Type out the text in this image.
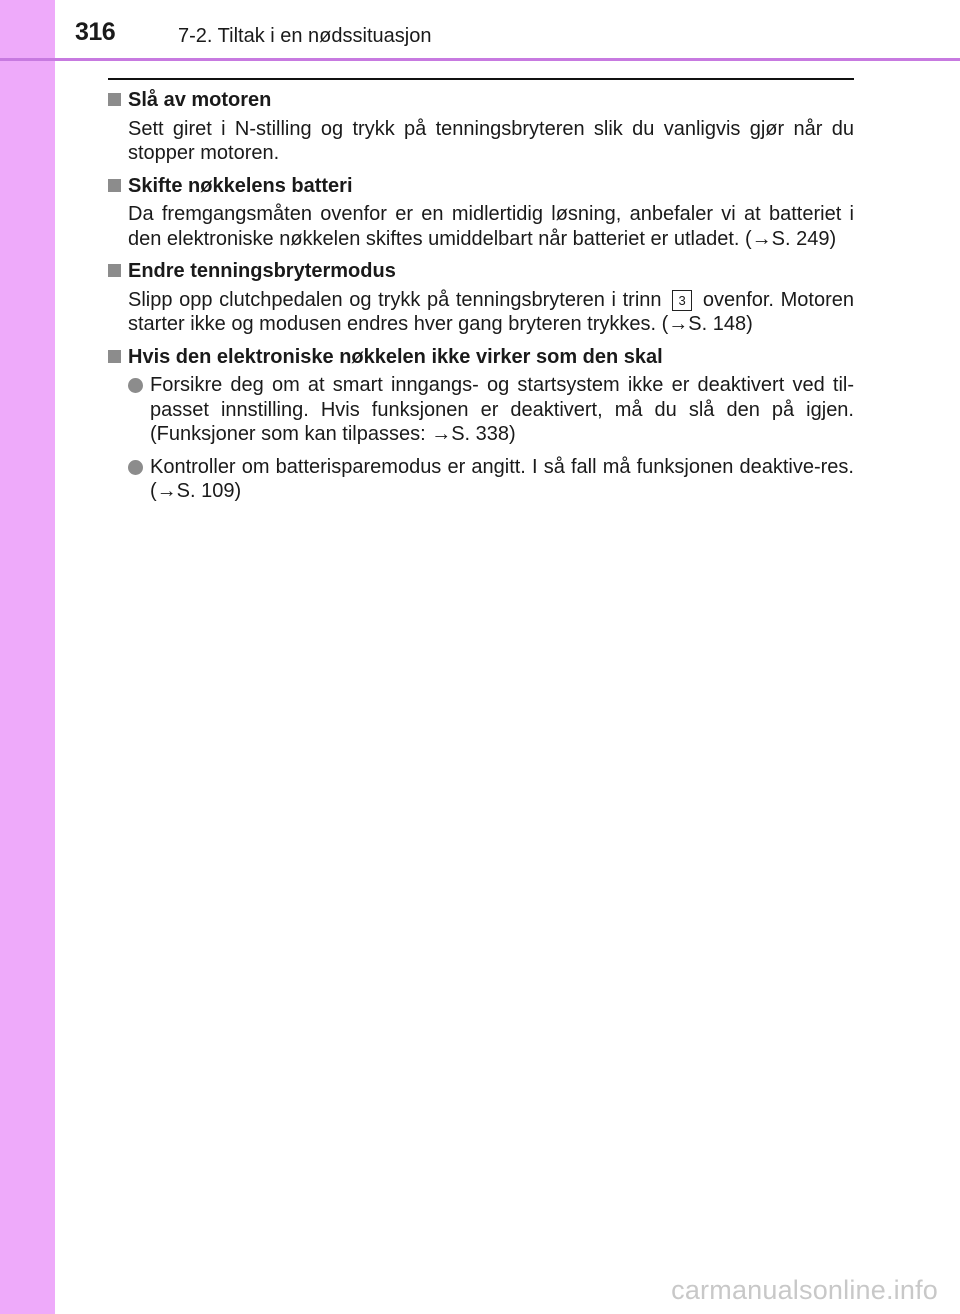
316	7-2. Tiltak i en nødssituasjon
Slå av motoren

Sett giret i N-stilling og trykk på tenningsbryteren slik du vanligvis gjør når du stopper motoren.

Skifte nøkkelens batteri

Da fremgangsmåten ovenfor er en midlertidig løsning, anbefaler vi at batteriet i den elektroniske nøkkelen skiftes umiddelbart når batteriet er utladet. (→S. 249)

Endre tenningsbrytermodus

Slipp opp clutchpedalen og trykk på tenningsbryteren i trinn 3 ovenfor. Motoren starter ikke og modusen endres hver gang bryteren trykkes. (→S. 148)

Hvis den elektroniske nøkkelen ikke virker som den skal
Forsikre deg om at smart inngangs- og startsystem ikke er deaktivert ved til-passet innstilling. Hvis funksjonen er deaktivert, må du slå den på igjen. (Funksjoner som kan tilpasses: →S. 338)
Kontroller om batterisparemodus er angitt. I så fall må funksjonen deaktive-res. (→S. 109)
carmanualsonline.info
